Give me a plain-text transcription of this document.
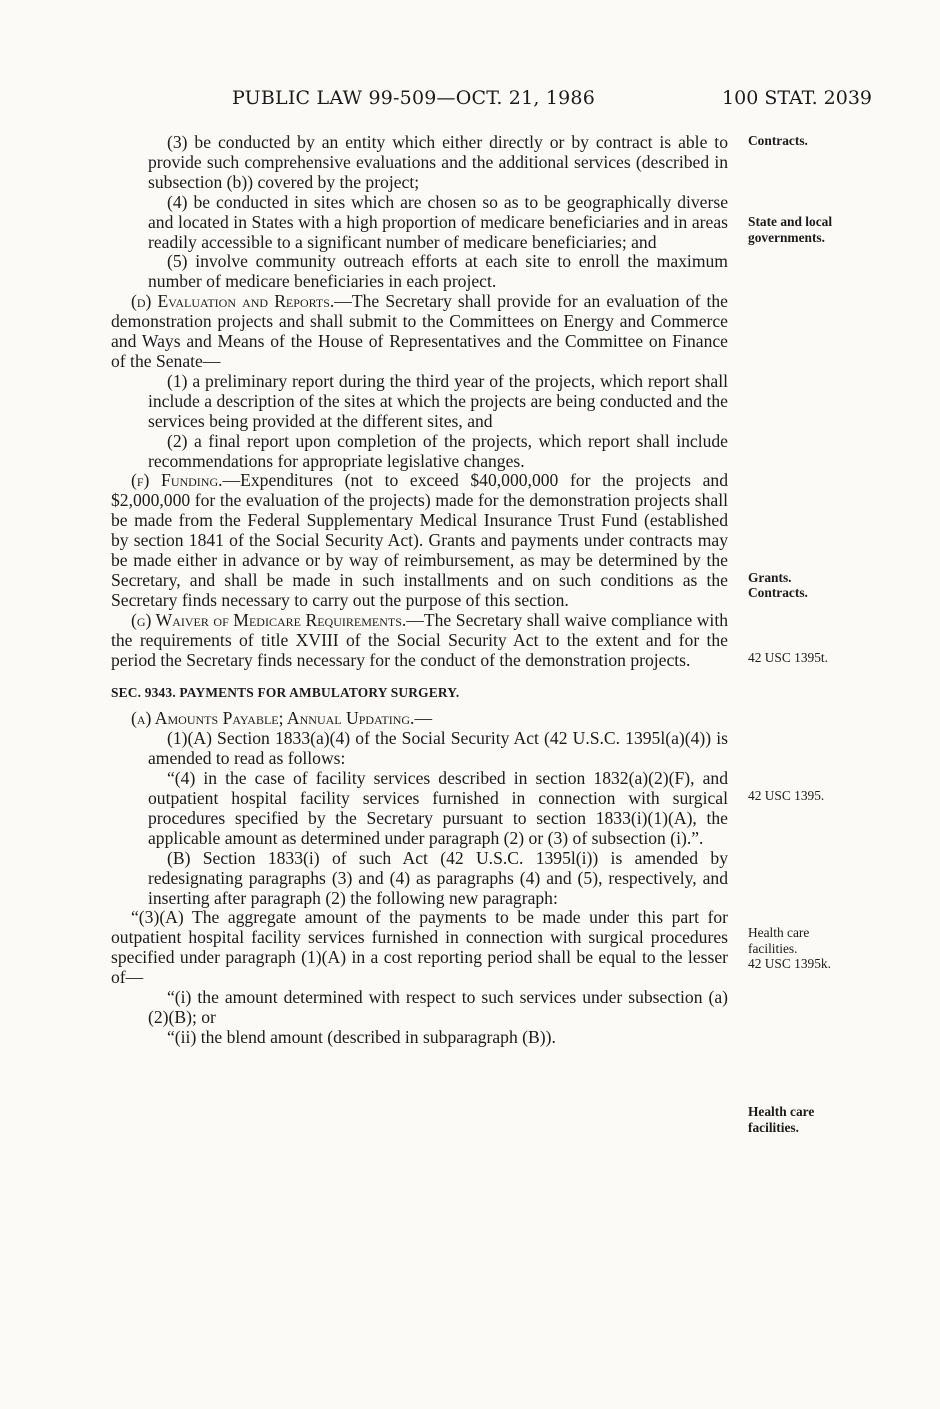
PUBLIC LAW 99-509—OCT. 21, 1986	100 STAT. 2039

(3) be conducted by an entity which either directly or by contract is able to provide such comprehensive evaluations and the additional services (described in subsection (b)) covered by the project;

(4) be conducted in sites which are chosen so as to be geographically diverse and located in States with a high proportion of medicare beneficiaries and in areas readily accessible to a significant number of medicare beneficiaries; and

(5) involve community outreach efforts at each site to enroll the maximum number of medicare beneficiaries in each project.

(d) Evaluation and Reports.—The Secretary shall provide for an evaluation of the demonstration projects and shall submit to the Committees on Energy and Commerce and Ways and Means of the House of Representatives and the Committee on Finance of the Senate—

(1) a preliminary report during the third year of the projects, which report shall include a description of the sites at which the projects are being conducted and the services being provided at the different sites, and

(2) a final report upon completion of the projects, which report shall include recommendations for appropriate legislative changes.

(f) Funding.—Expenditures (not to exceed $40,000,000 for the projects and $2,000,000 for the evaluation of the projects) made for the demonstration projects shall be made from the Federal Supplementary Medical Insurance Trust Fund (established by section 1841 of the Social Security Act). Grants and payments under contracts may be made either in advance or by way of reimbursement, as may be determined by the Secretary, and shall be made in such installments and on such conditions as the Secretary finds necessary to carry out the purpose of this section.

(g) Waiver of Medicare Requirements.—The Secretary shall waive compliance with the requirements of title XVIII of the Social Security Act to the extent and for the period the Secretary finds necessary for the conduct of the demonstration projects.

SEC. 9343. PAYMENTS FOR AMBULATORY SURGERY.

(a) Amounts Payable; Annual Updating.—

(1)(A) Section 1833(a)(4) of the Social Security Act (42 U.S.C. 1395l(a)(4)) is amended to read as follows:

“(4) in the case of facility services described in section 1832(a)(2)(F), and outpatient hospital facility services furnished in connection with surgical procedures specified by the Secretary pursuant to section 1833(i)(1)(A), the applicable amount as determined under paragraph (2) or (3) of subsection (i).”.

(B) Section 1833(i) of such Act (42 U.S.C. 1395l(i)) is amended by redesignating paragraphs (3) and (4) as paragraphs (4) and (5), respectively, and inserting after paragraph (2) the following new paragraph:

“(3)(A) The aggregate amount of the payments to be made under this part for outpatient hospital facility services furnished in connection with surgical procedures specified under paragraph (1)(A) in a cost reporting period shall be equal to the lesser of—

“(i) the amount determined with respect to such services under subsection (a)(2)(B); or

“(ii) the blend amount (described in subparagraph (B)).

Contracts.
State and local governments.
Grants.
Contracts.
42 USC 1395t.
42 USC 1395.
Health care facilities.
42 USC 1395k.
Health care facilities.
